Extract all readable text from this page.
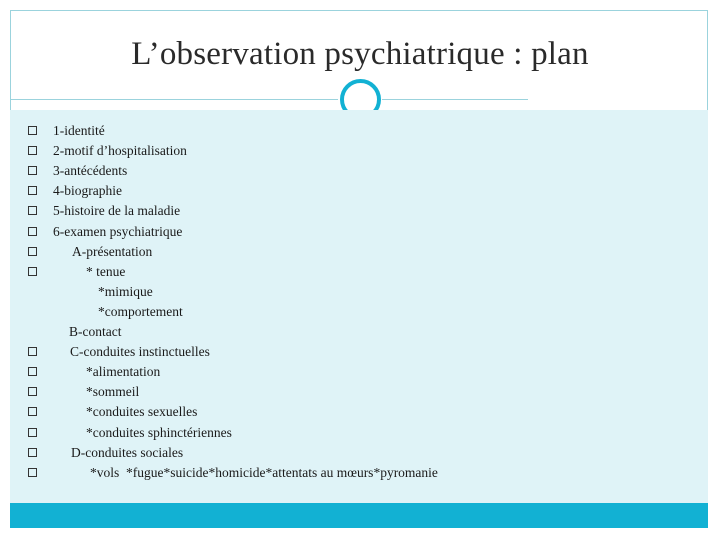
L’observation psychiatrique : plan
1-identité
2-motif d’hospitalisation
3-antécédents
4-biographie
5-histoire de la maladie
6-examen psychiatrique
A-présentation
* tenue
*mimique
*comportement
B-contact
C-conduites instinctuelles
*alimentation
*sommeil
*conduites sexuelles
*conduites sphinctériennes
D-conduites sociales
*vols  *fugue*suicide*homicide*attentats au mœurs*pyromanie
